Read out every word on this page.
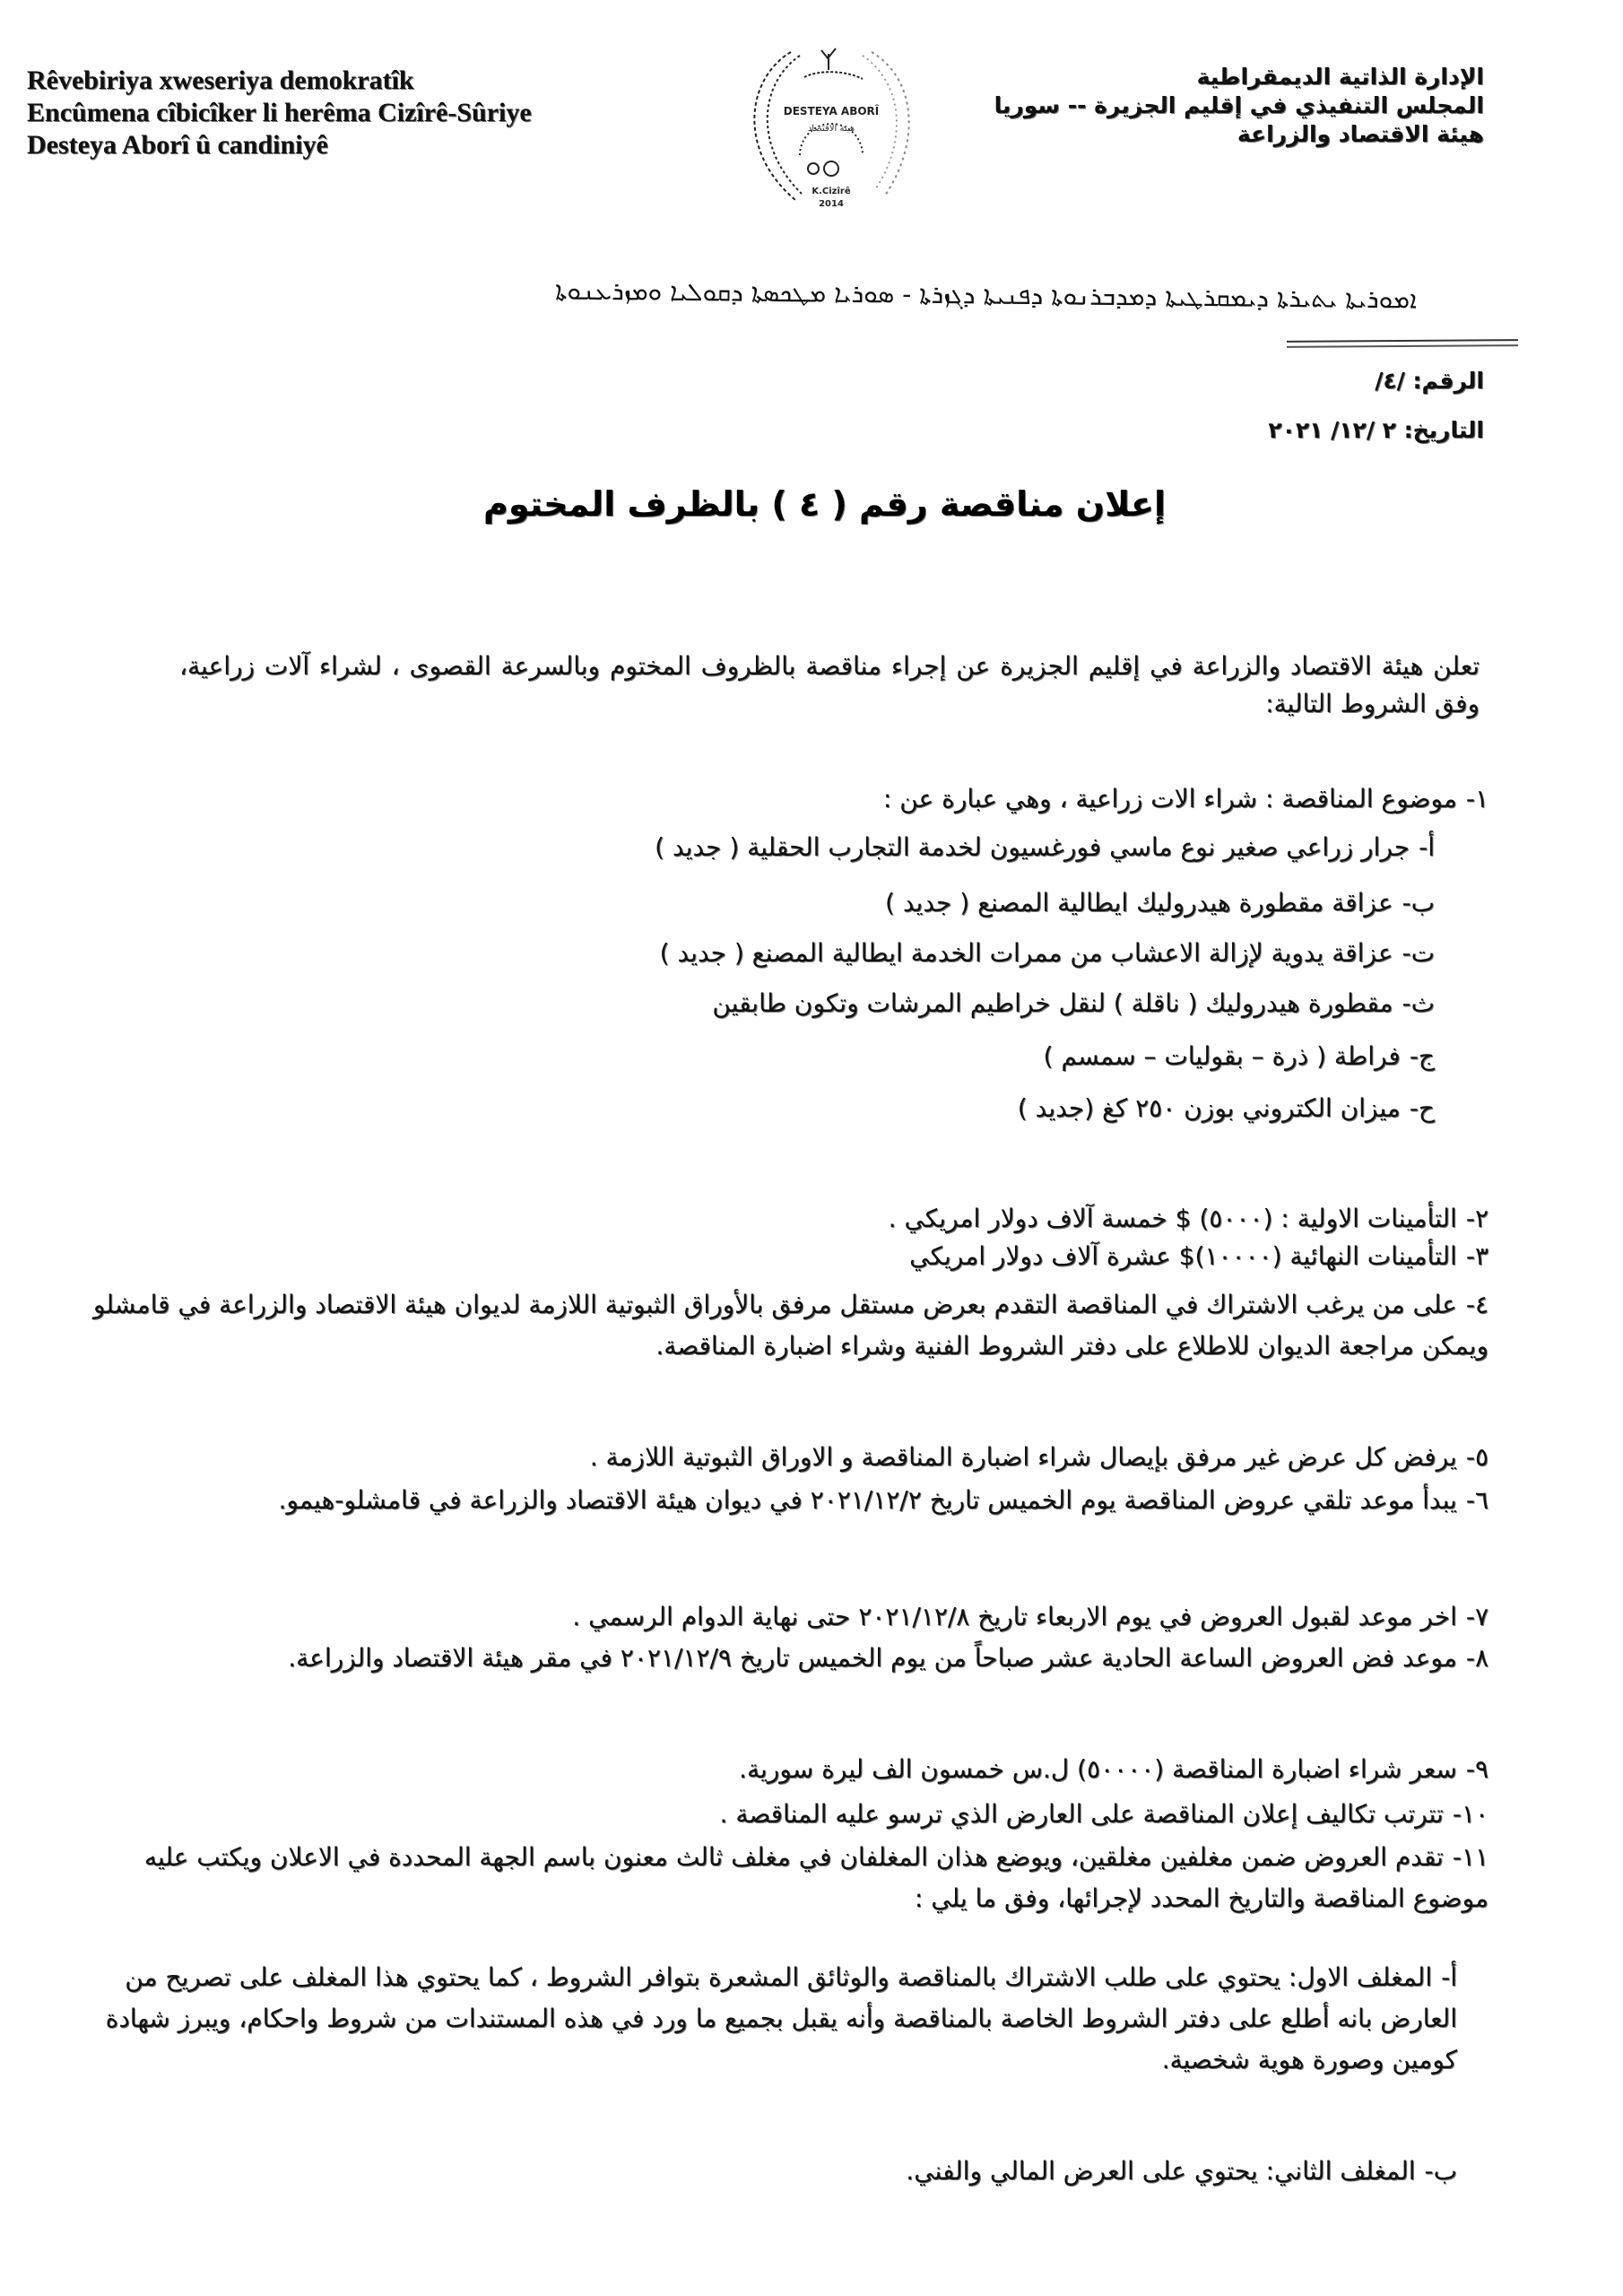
Rêvebiriya xweseriya demokratîk
Encûmena cîbicîker li herêma Cizîrê-Sûriye
Desteya Aborî û candiniyê
DESTEYA ABORÎ
هيئة الاقتصاد
K.Cizîrê
2014
الإدارة الذاتية الديمقراطية
المجلس التنفيذي في إقليم الجزيرة -- سوريا
هيئة الاقتصاد والزراعة
ܐܡܘܪܝܬܐ ܝܬܝܪܬܐ ܕܝܡܩܪܛܝܬܐ ܕܡܕܒܪܢܘܬܐ ܕܦܢܝܬܐ ܕܓܙܪܬܐ - ܣܘܪܝܐ ܡܛܟܣܬܐ ܕܩܘܠܝܐ ܘܡܙܪܥܢܘܬܐ
الرقم: /٤/
التاريخ: ٢ /١٢/ ٢٠٢١
إعلان مناقصة رقم ( ٤ ) بالظرف المختوم
تعلن هيئة الاقتصاد والزراعة في إقليم الجزيرة عن إجراء مناقصة بالظروف المختوم وبالسرعة القصوى ، لشراء آلات زراعية، وفق الشروط التالية:
١-موضوع المناقصة : شراء الات زراعية ، وهي عبارة عن :
أ-جرار زراعي صغير نوع ماسي فورغسيون لخدمة التجارب الحقلية ( جديد )
ب-عزاقة مقطورة هيدروليك ايطالية المصنع ( جديد )
ت-عزاقة يدوية لإزالة الاعشاب من ممرات الخدمة ايطالية المصنع ( جديد )
ث-مقطورة هيدروليك ( ناقلة ) لنقل خراطيم المرشات وتكون طابقين
ج-فراطة ( ذرة – بقوليات – سمسم )
ح-ميزان الكتروني بوزن ٢٥٠ كغ (جديد )
٢-التأمينات الاولية : (٥٠٠٠) $ خمسة آلاف دولار امريكي .
٣-التأمينات النهائية (١٠٠٠٠)$ عشرة آلاف دولار امريكي
٤-على من يرغب الاشتراك في المناقصة التقدم بعرض مستقل مرفق بالأوراق الثبوتية اللازمة لديوان هيئة الاقتصاد والزراعة في قامشلو ويمكن مراجعة الديوان للاطلاع على دفتر الشروط الفنية وشراء اضبارة المناقصة.
٥-يرفض كل عرض غير مرفق بإيصال شراء اضبارة المناقصة و الاوراق الثبوتية اللازمة .
٦-يبدأ موعد تلقي عروض المناقصة يوم الخميس تاريخ ٢٠٢١/١٢/٢ في ديوان هيئة الاقتصاد والزراعة في قامشلو-هيمو.
٧-اخر موعد لقبول العروض في يوم الاربعاء تاريخ ٢٠٢١/١٢/٨ حتى نهاية الدوام الرسمي .
٨-موعد فض العروض الساعة الحادية عشر صباحاً من يوم الخميس تاريخ ٢٠٢١/١٢/٩ في مقر هيئة الاقتصاد والزراعة.
٩-سعر شراء اضبارة المناقصة (٥٠٠٠٠) ل.س خمسون الف ليرة سورية.
١٠-تترتب تكاليف إعلان المناقصة على العارض الذي ترسو عليه المناقصة .
١١-تقدم العروض ضمن مغلفين مغلقين، ويوضع هذان المغلفان في مغلف ثالث معنون باسم الجهة المحددة في الاعلان ويكتب عليه موضوع المناقصة والتاريخ المحدد لإجرائها، وفق ما يلي :
أ-المغلف الاول: يحتوي على طلب الاشتراك بالمناقصة والوثائق المشعرة بتوافر الشروط ، كما يحتوي هذا المغلف على تصريح من العارض بانه أطلع على دفتر الشروط الخاصة بالمناقصة وأنه يقبل بجميع ما ورد في هذه المستندات من شروط واحكام، ويبرز شهادة كومين وصورة هوية شخصية.
ب-المغلف الثاني: يحتوي على العرض المالي والفني.
